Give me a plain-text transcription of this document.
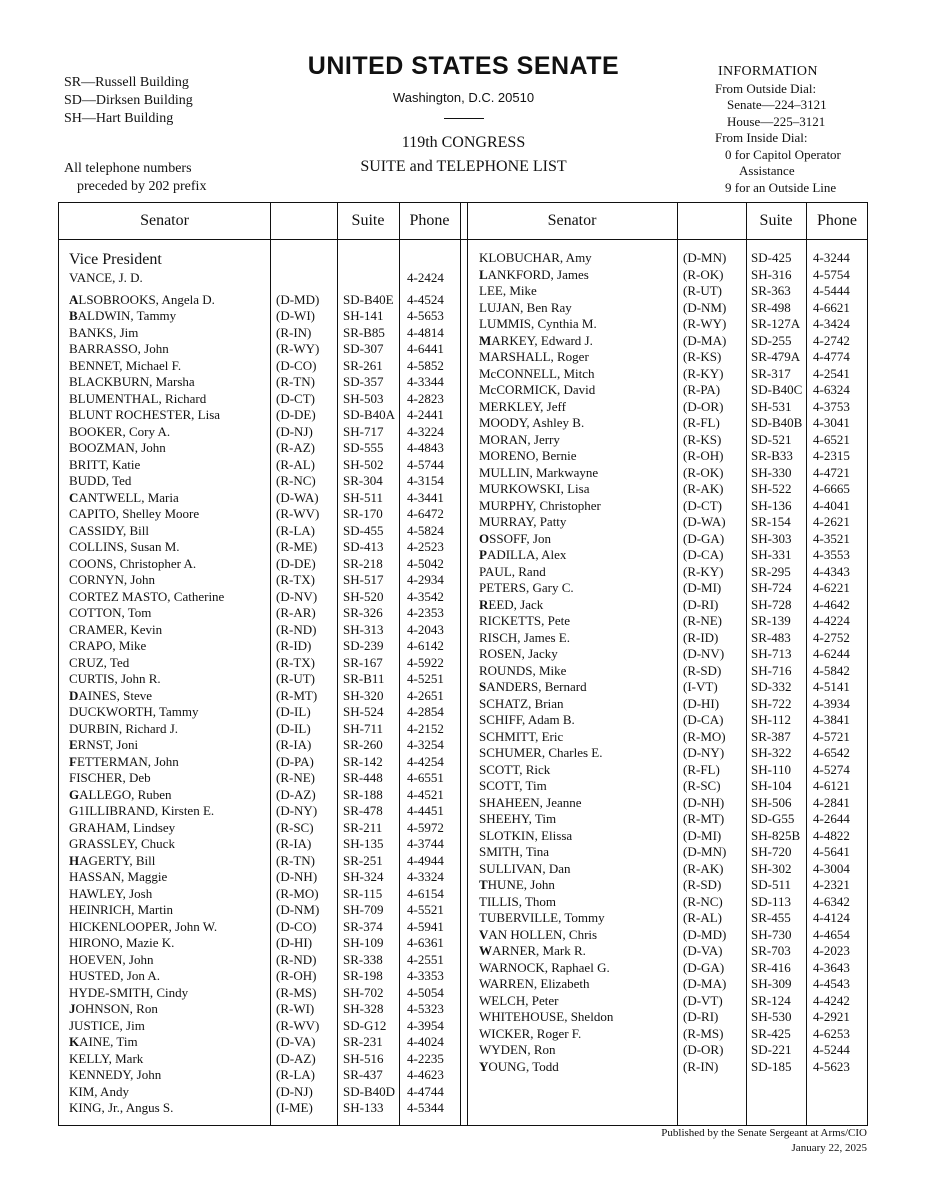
UNITED STATES SENATE
Washington, D.C. 20510
119th CONGRESS
SUITE and TELEPHONE LIST
SR—Russell Building
SD—Dirksen Building
SH—Hart Building
All telephone numbers
preceded by 202 prefix
INFORMATION
From Outside Dial:
Senate—224–3121
House—225–3121
From Inside Dial:
0 for Capitol Operator
Assistance
9 for an Outside Line
Senator	Suite	Phone	Senator	Suite	Phone
Vice President
VANCE, J. D.	4-2424
ALSOBROOKS, Angela D.	(D-MD) SD-B40E 4-4524
BALDWIN, Tammy	(D-WI) SH-141 4-5653
BANKS, Jim	(R-IN) SR-B85 4-4814
BARRASSO, John	(R-WY) SD-307 4-6441
BENNET, Michael F.	(D-CO) SR-261 4-5852
BLACKBURN, Marsha	(R-TN) SD-357 4-3344
BLUMENTHAL, Richard	(D-CT) SH-503 4-2823
BLUNT ROCHESTER, Lisa	(D-DE) SD-B40A 4-2441
BOOKER, Cory A.	(D-NJ) SH-717 4-3224
BOOZMAN, John	(R-AZ) SD-555 4-4843
BRITT, Katie	(R-AL) SH-502 4-5744
BUDD, Ted	(R-NC) SR-304 4-3154
CANTWELL, Maria	(D-WA) SH-511 4-3441
CAPITO, Shelley Moore	(R-WV) SR-170 4-6472
CASSIDY, Bill	(R-LA) SD-455 4-5824
COLLINS, Susan M.	(R-ME) SD-413 4-2523
COONS, Christopher A.	(D-DE) SR-218 4-5042
CORNYN, John	(R-TX) SH-517 4-2934
CORTEZ MASTO, Catherine	(D-NV) SH-520 4-3542
COTTON, Tom	(R-AR) SR-326 4-2353
CRAMER, Kevin	(R-ND) SH-313 4-2043
CRAPO, Mike	(R-ID) SD-239 4-6142
CRUZ, Ted	(R-TX) SR-167 4-5922
CURTIS, John R.	(R-UT) SR-B11 4-5251
DAINES, Steve	(R-MT) SH-320 4-2651
DUCKWORTH, Tammy	(D-IL) SH-524 4-2854
DURBIN, Richard J.	(D-IL) SH-711 4-2152
ERNST, Joni	(R-IA) SR-260 4-3254
FETTERMAN, John	(D-PA) SR-142 4-4254
FISCHER, Deb	(R-NE) SR-448 4-6551
GALLEGO, Ruben	(D-AZ) SR-188 4-4521
G1ILLIBRAND, Kirsten E.	(D-NY) SR-478 4-4451
GRAHAM, Lindsey	(R-SC) SR-211 4-5972
GRASSLEY, Chuck	(R-IA) SH-135 4-3744
HAGERTY, Bill	(R-TN) SR-251 4-4944
HASSAN, Maggie	(D-NH) SH-324 4-3324
HAWLEY, Josh	(R-MO) SR-115 4-6154
HEINRICH, Martin	(D-NM) SH-709 4-5521
HICKENLOOPER, John W.	(D-CO) SR-374 4-5941
HIRONO, Mazie K.	(D-HI) SH-109 4-6361
HOEVEN, John	(R-ND) SR-338 4-2551
HUSTED, Jon A.	(R-OH) SR-198 4-3353
HYDE-SMITH, Cindy	(R-MS) SH-702 4-5054
JOHNSON, Ron	(R-WI) SH-328 4-5323
JUSTICE, Jim	(R-WV) SD-G12 4-3954
KAINE, Tim	(D-VA) SR-231 4-4024
KELLY, Mark	(D-AZ) SH-516 4-2235
KENNEDY, John	(R-LA) SR-437 4-4623
KIM, Andy	(D-NJ) SD-B40D 4-4744
KING, Jr., Angus S.	(I-ME) SH-133 4-5344
KLOBUCHAR, Amy	(D-MN) SD-425 4-3244
LANKFORD, James	(R-OK) SH-316 4-5754
LEE, Mike	(R-UT) SR-363 4-5444
LUJAN, Ben Ray	(D-NM) SR-498 4-6621
LUMMIS, Cynthia M.	(R-WY) SR-127A 4-3424
MARKEY, Edward J.	(D-MA) SD-255 4-2742
MARSHALL, Roger	(R-KS) SR-479A 4-4774
McCONNELL, Mitch	(R-KY) SR-317 4-2541
McCORMICK, David	(R-PA) SD-B40C 4-6324
MERKLEY, Jeff	(D-OR) SH-531 4-3753
MOODY, Ashley B.	(R-FL) SD-B40B 4-3041
MORAN, Jerry	(R-KS) SD-521 4-6521
MORENO, Bernie	(R-OH) SR-B33 4-2315
MULLIN, Markwayne	(R-OK) SH-330 4-4721
MURKOWSKI, Lisa	(R-AK) SH-522 4-6665
MURPHY, Christopher	(D-CT) SH-136 4-4041
MURRAY, Patty	(D-WA) SR-154 4-2621
OSSOFF, Jon	(D-GA) SH-303 4-3521
PADILLA, Alex	(D-CA) SH-331 4-3553
PAUL, Rand	(R-KY) SR-295 4-4343
PETERS, Gary C.	(D-MI) SH-724 4-6221
REED, Jack	(D-RI)	SH-728 4-4642
RICKETTS, Pete	(R-NE) SR-139 4-4224
RISCH, James E.	(R-ID)	SR-483 4-2752
ROSEN, Jacky	(D-NV) SH-713 4-6244
ROUNDS, Mike	(R-SD) SH-716 4-5842
SANDERS, Bernard	(I-VT)	SD-332 4-5141
SCHATZ, Brian	(D-HI) SH-722 4-3934
SCHIFF, Adam B.	(D-CA) SH-112 4-3841
SCHMITT, Eric	(R-MO) SR-387 4-5721
SCHUMER, Charles E.	(D-NY) SH-322 4-6542
SCOTT, Rick	(R-FL) SH-110 4-5274
SCOTT, Tim	(R-SC) SH-104 4-6121
SHAHEEN, Jeanne	(D-NH) SH-506 4-2841
SHEEHY, Tim	(R-MT) SD-G55 4-2644
SLOTKIN, Elissa	(D-MI) SH-825B 4-4822
SMITH, Tina	(D-MN) SH-720 4-5641
SULLIVAN, Dan	(R-AK) SH-302 4-3004
THUNE, John	(R-SD) SD-511 4-2321
TILLIS, Thom	(R-NC) SD-113 4-6342
TUBERVILLE, Tommy	(R-AL) SR-455 4-4124
VAN HOLLEN, Chris	(D-MD) SH-730 4-4654
WARNER, Mark R.	(D-VA) SR-703 4-2023
WARNOCK, Raphael G.	(D-GA) SR-416 4-3643
WARREN, Elizabeth	(D-MA) SH-309 4-4543
WELCH, Peter	(D-VT) SR-124 4-4242
WHITEHOUSE, Sheldon	(D-RI)	SH-530 4-2921
WICKER, Roger F.	(R-MS) SR-425 4-6253
WYDEN, Ron	(D-OR) SD-221 4-5244
YOUNG, Todd	(R-IN)	SD-185 4-5623
Published by the Senate Sergeant at Arms/CIO
January 22, 2025
